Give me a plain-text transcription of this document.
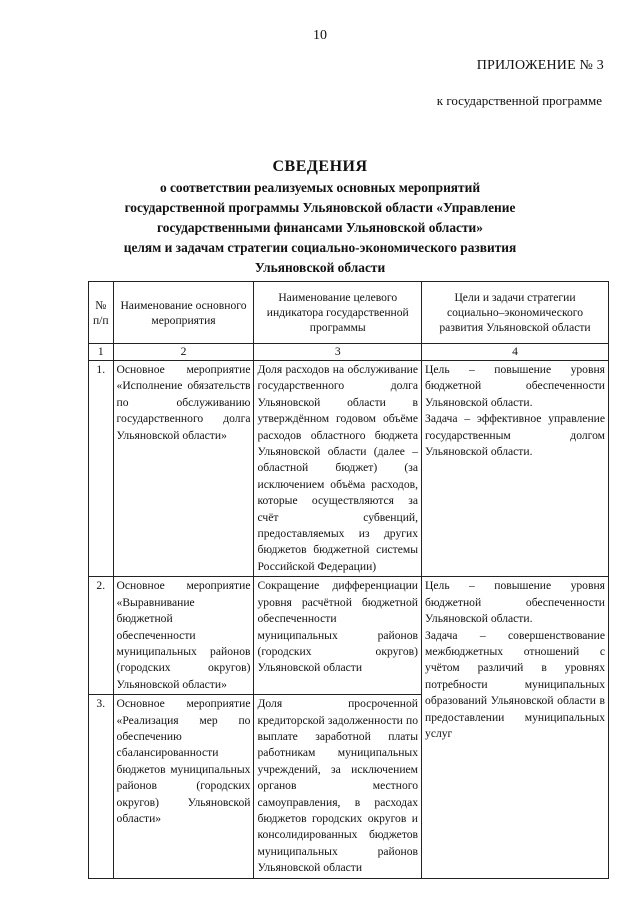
10
ПРИЛОЖЕНИЕ № 3
к государственной программе
СВЕДЕНИЯ
о соответствии реализуемых основных мероприятий
государственной программы Ульяновской области «Управление
государственными финансами Ульяновской области»
целям и задачам стратегии социально-экономического развития
Ульяновской области
№ п/п	Наименование основного мероприятия	Наименование целевого индикатора государственной программы	Цели и задачи стратегии социально–экономического развития Ульяновской области
1	2	3	4
1.	Основное мероприятие «Исполнение обязательств по обслуживанию государственного долга Ульяновской области»	Доля расходов на обслуживание государственного долга Ульяновской области в утверждённом годовом объёме расходов областного бюджета Ульяновской области (далее – областной бюджет) (за исключением объёма расходов, которые осуществляются за счёт субвенций, предоставляемых из других бюджетов бюджетной системы Российской Федерации)	Цель – повышение уровня бюджетной обеспеченности Ульяновской области.
Задача – эффективное управление государственным долгом Ульяновской области.

2.	Основное мероприятие «Выравнивание бюджетной обеспеченности муниципальных районов (городских округов) Ульяновской области»	Сокращение дифференциации уровня расчётной бюджетной обеспеченности муниципальных районов (городских округов) Ульяновской области	Цель – повышение уровня бюджетной обеспеченности Ульяновской области.
Задача – совершенствование межбюджетных отношений с учётом различий в уровнях потребности муниципальных образований Ульяновской области в предоставлении муниципальных услуг

3.	Основное мероприятие «Реализация мер по обеспечению сбалансированности бюджетов муниципальных районов (городских округов) Ульяновской области»	Доля просроченной кредиторской задолженности по выплате заработной платы работникам муниципальных учреждений, за исключением органов местного самоуправления, в расходах бюджетов городских округов и консолидированных бюджетов муниципальных районов Ульяновской области	
